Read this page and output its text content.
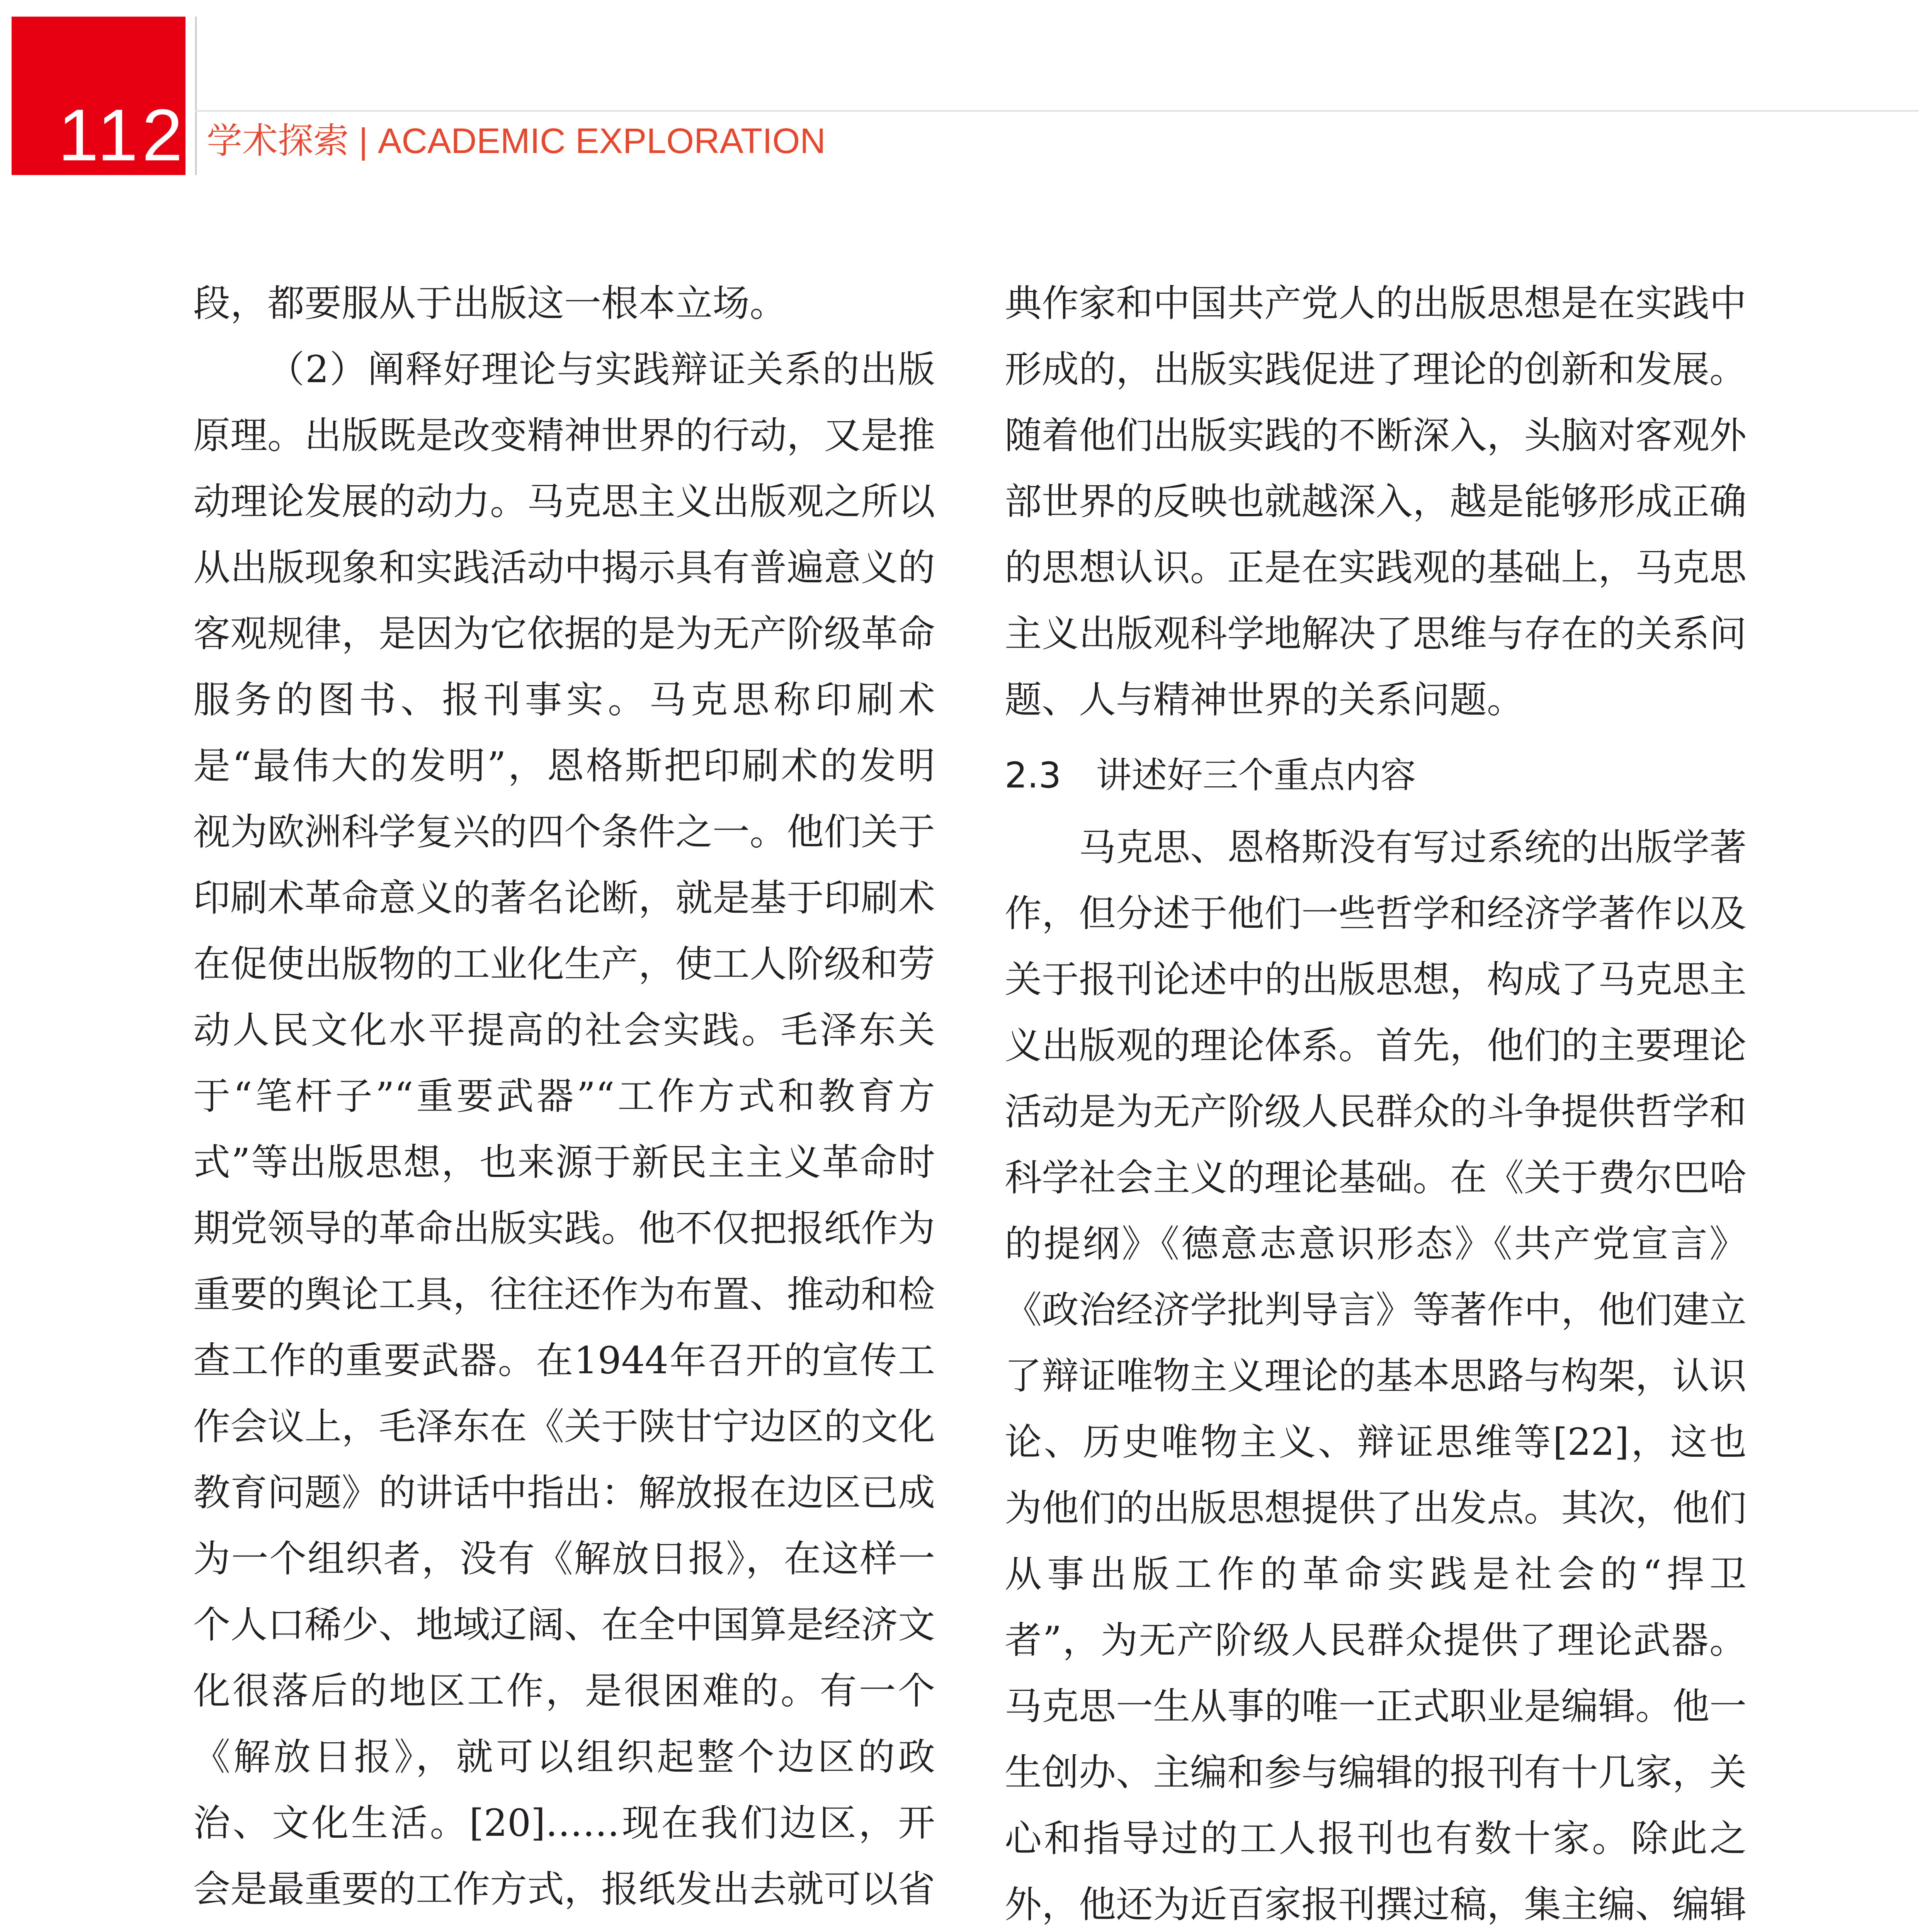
112 学术探索 | ACADEMIC EXPLORATION

段，都要服从于出版这一根本立场。

（2）阐释好理论与实践辩证关系的出版原理。出版既是改变精神世界的行动，又是推动理论发展的动力。马克思主义出版观之所以从出版现象和实践活动中揭示具有普遍意义的客观规律，是因为它依据的是为无产阶级革命服务的图书、报刊事实。马克思称印刷术是“最伟大的发明”，恩格斯把印刷术的发明视为欧洲科学复兴的四个条件之一。他们关于印刷术革命意义的著名论断，就是基于印刷术在促使出版物的工业化生产，使工人阶级和劳动人民文化水平提高的社会实践。毛泽东关于“笔杆子”“重要武器”“工作方式和教育方式”等出版思想，也来源于新民主主义革命时期党领导的革命出版实践。他不仅把报纸作为重要的舆论工具，往往还作为布置、推动和检查工作的重要武器。在1944年召开的宣传工作会议上，毛泽东在《关于陕甘宁边区的文化教育问题》的讲话中指出：解放报在边区已成为一个组织者，没有《解放日报》，在这样一个人口稀少、地域辽阔、在全中国算是经济文化很落后的地区工作，是很困难的。有一个《解放日报》，就可以组织起整个边区的政治、文化生活。[20]……现在我们边区，开会是最重要的工作方式，报纸发出去就可以省

典作家和中国共产党人的出版思想是在实践中形成的，出版实践促进了理论的创新和发展。随着他们出版实践的不断深入，头脑对客观外部世界的反映也就越深入，越是能够形成正确的思想认识。正是在实践观的基础上，马克思主义出版观科学地解决了思维与存在的关系问题、人与精神世界的关系问题。

2.3 讲述好三个重点内容

马克思、恩格斯没有写过系统的出版学著作，但分述于他们一些哲学和经济学著作以及关于报刊论述中的出版思想，构成了马克思主义出版观的理论体系。首先，他们的主要理论活动是为无产阶级人民群众的斗争提供哲学和科学社会主义的理论基础。在《关于费尔巴哈的提纲》《德意志意识形态》《共产党宣言》《政治经济学批判导言》等著作中，他们建立了辩证唯物主义理论的基本思路与构架，认识论、历史唯物主义、辩证思维等[22]，这也为他们的出版思想提供了出发点。其次，他们从事出版工作的革命实践是社会的“捍卫者”，为无产阶级人民群众提供了理论武器。马克思一生从事的唯一正式职业是编辑。他一生创办、主编和参与编辑的报刊有十几家，关心和指导过的工人报刊也有数十家。除此之外，他还为近百家报刊撰过稿，集主编、编辑
